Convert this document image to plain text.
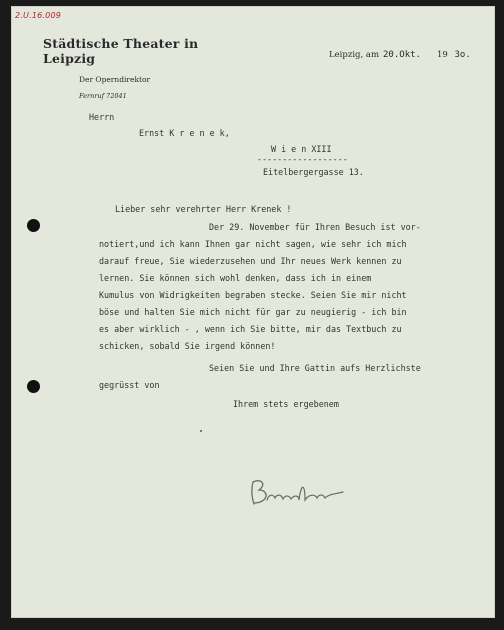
2.U.16.009
Städtische Theater in Leipzig
Der Operndirektor
Fernruf 72041
Leipzig, am 20.Okt. 19 3o.
Herrn
Ernst K r e n e k,
W i e n XIII
------------------
Eitelbergergasse 13.
Lieber sehr verehrter Herr Krenek !
Der 29. November für Ihren Besuch ist vor-
notiert,und ich kann Ihnen gar nicht sagen, wie sehr ich mich
darauf freue, Sie wiederzusehen und Ihr neues Werk kennen zu
lernen. Sie können sich wohl denken, dass ich in einem
Kumulus von Widrigkeiten begraben stecke. Seien Sie mir nicht
böse und halten Sie mich nicht für gar zu neugierig - ich bin
es aber wirklich - , wenn ich Sie bitte, mir das Textbuch zu
schicken, sobald Sie irgend können!
Seien Sie und Ihre Gattin aufs Herzlichste
gegrüsst von
Ihrem stets ergebenem
